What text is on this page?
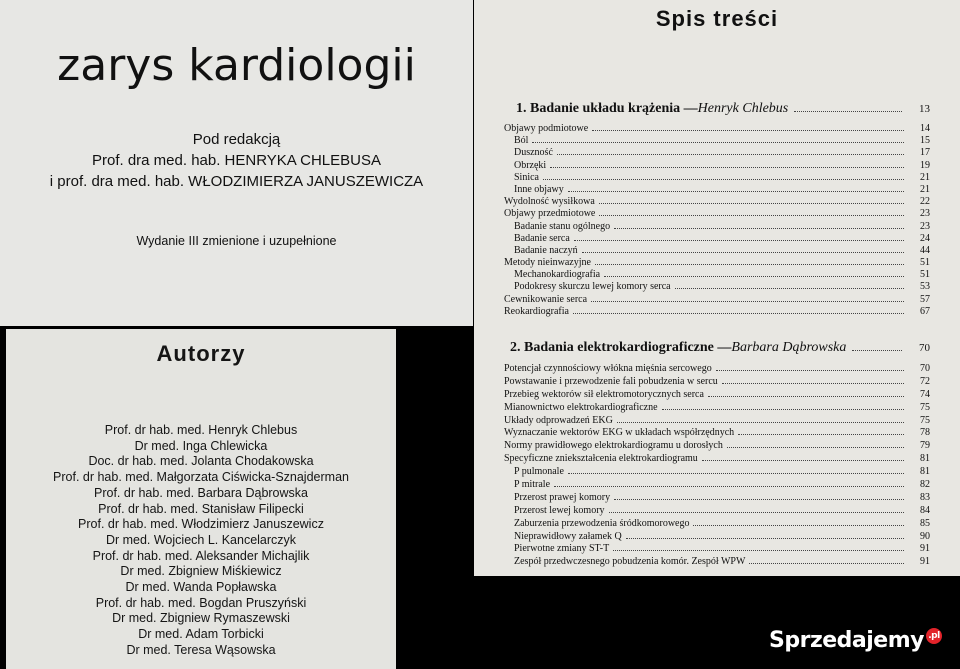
zarys kardiologii
Pod redakcją
Prof. dra med. hab. HENRYKA CHLEBUSA
i prof. dra med. hab. WŁODZIMIERZA JANUSZEWICZA
Wydanie III zmienione i uzupełnione
Autorzy
Prof. dr hab. med. Henryk Chlebus
Dr med. Inga Chlewicka
Doc. dr hab. med. Jolanta Chodakowska
Prof. dr hab. med. Małgorzata Ciświcka-Sznajderman
Prof. dr hab. med. Barbara Dąbrowska
Prof. dr hab. med. Stanisław Filipecki
Prof. dr hab. med. Włodzimierz Januszewicz
Dr med. Wojciech L. Kancelarczyk
Prof. dr hab. med. Aleksander Michajlik
Dr med. Zbigniew Miśkiewicz
Dr med. Wanda Popławska
Prof. dr hab. med. Bogdan Pruszyński
Dr med. Zbigniew Rymaszewski
Dr med. Adam Torbicki
Dr med. Teresa Wąsowska
Spis treści
1. Badanie układu krążenia — Henryk Chlebus	13
Objawy podmiotowe	14
Ból	15
Duszność	17
Obrzęki	19
Sinica	21
Inne objawy	21
Wydolność wysiłkowa	22
Objawy przedmiotowe	23
Badanie stanu ogólnego	23
Badanie serca	24
Badanie naczyń	44
Metody nieinwazyjne	51
Mechanokardiografia	51
Podokresy skurczu lewej komory serca	53
Cewnikowanie serca	57
Reokardiografia	67
2. Badania elektrokardiograficzne — Barbara Dąbrowska	70
Potencjał czynnościowy włókna mięśnia sercowego	70
Powstawanie i przewodzenie fali pobudzenia w sercu	72
Przebieg wektorów sił elektromotorycznych serca	74
Mianownictwo elektrokardiograficzne	75
Układy odprowadzeń EKG	75
Wyznaczanie wektorów EKG w układach współrzędnych	78
Normy prawidłowego elektrokardiogramu u dorosłych	79
Specyficzne zniekształcenia elektrokardiogramu	81
P pulmonale	81
P mitrale	82
Przerost prawej komory	83
Przerost lewej komory	84
Zaburzenia przewodzenia śródkomorowego	85
Nieprawidłowy załamek Q	90
Pierwotne zmiany ST-T	91
Zespół przedwczesnego pobudzenia komór. Zespół WPW	91
Sprzedajemy .pl
